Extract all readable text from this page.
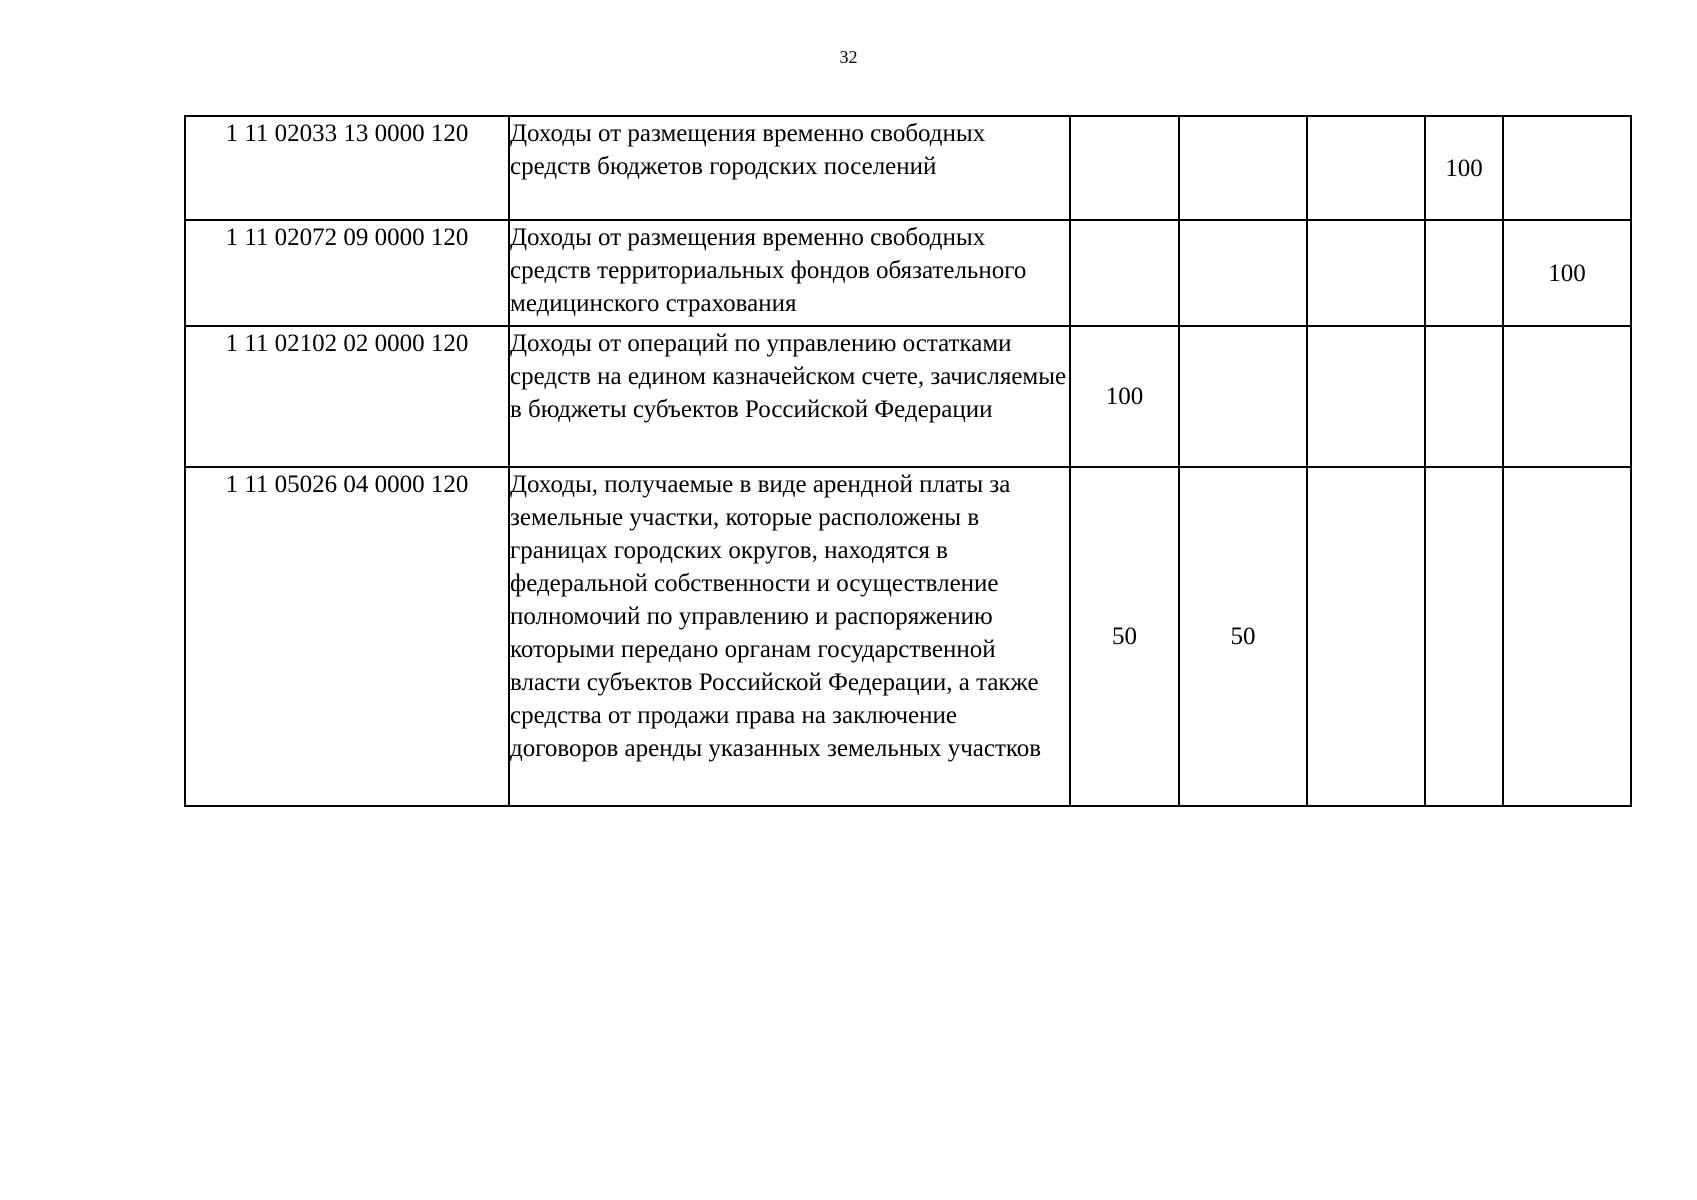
32
1 11 02033 13 0000 120	Доходы от размещения временно свободных средств бюджетов городских поселений				100	
1 11 02072 09 0000 120	Доходы от размещения временно свободных средств территориальных фондов обязательного медицинского страхования					100
1 11 02102 02 0000 120	Доходы от операций по управлению остатками средств на едином казначейском счете, зачисляемые в бюджеты субъектов Российской Федерации	100				
1 11 05026 04 0000 120	Доходы, получаемые в виде арендной платы за земельные участки, которые расположены в границах городских округов, находятся в федеральной собственности и осуществление полномочий по управлению и распоряжению которыми передано органам государственной власти субъектов Российской Федерации, а также средства от продажи права на заключение договоров аренды указанных земельных участков	50	50			
